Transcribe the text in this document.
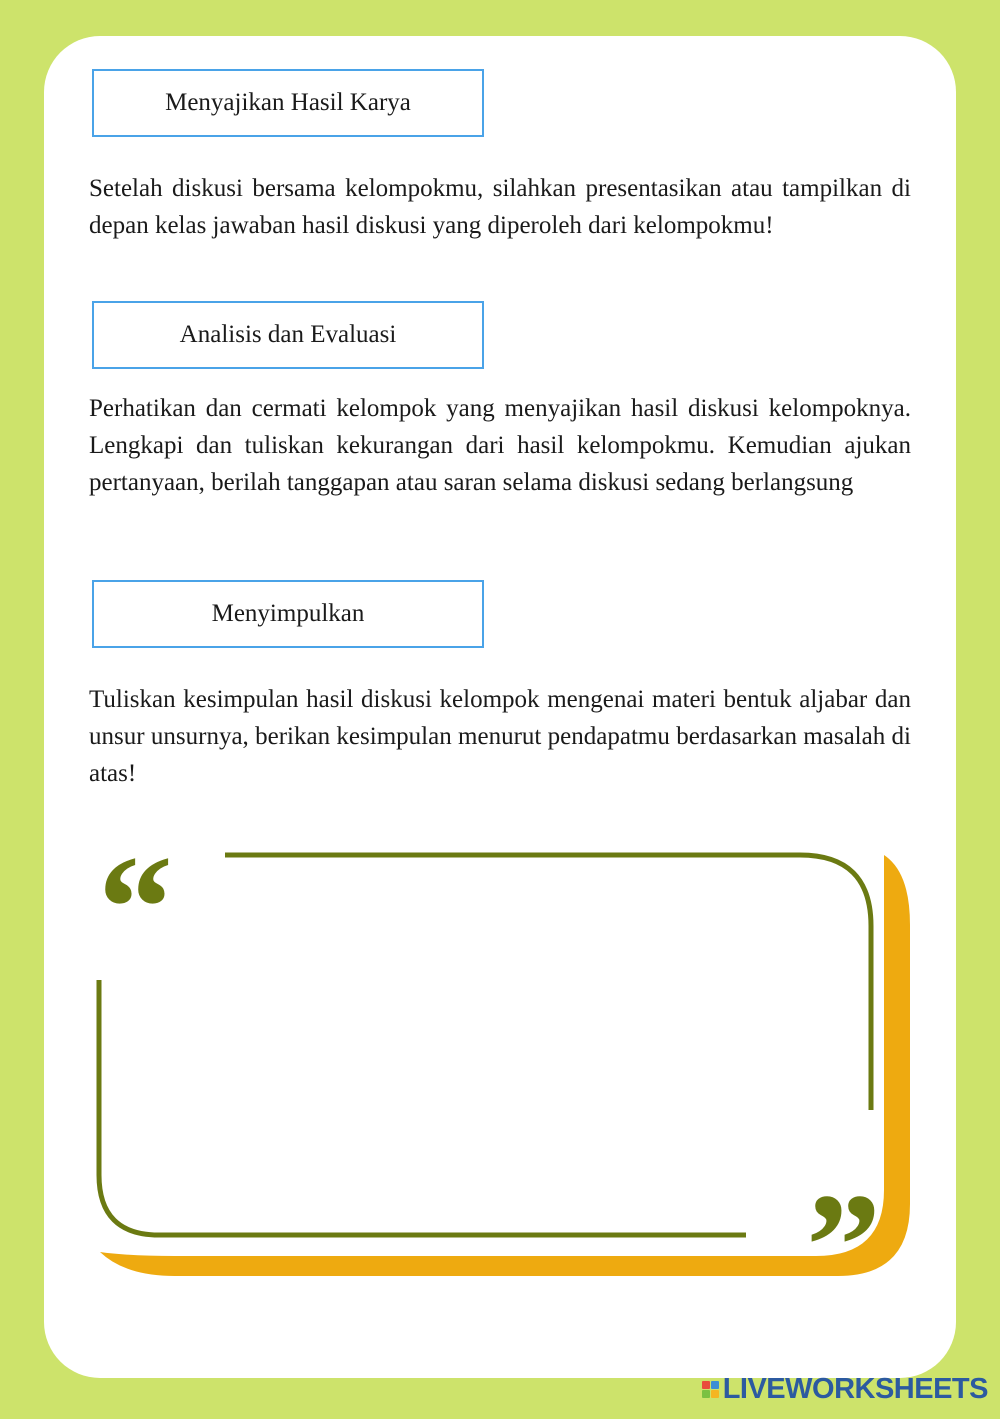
Menyajikan Hasil Karya

Setelah diskusi bersama kelompokmu, silahkan presentasikan atau tampilkan di depan kelas jawaban hasil diskusi yang diperoleh dari kelompokmu!

Analisis dan Evaluasi

Perhatikan dan cermati kelompok yang menyajikan hasil diskusi kelompoknya. Lengkapi dan tuliskan kekurangan dari hasil kelompokmu. Kemudian ajukan pertanyaan, berilah tanggapan atau saran selama diskusi sedang berlangsung

Menyimpulkan

Tuliskan kesimpulan hasil diskusi kelompok mengenai materi bentuk aljabar dan unsur unsurnya, berikan kesimpulan menurut pendapatmu berdasarkan masalah di atas!

“
”
LIVEWORKSHEETS
